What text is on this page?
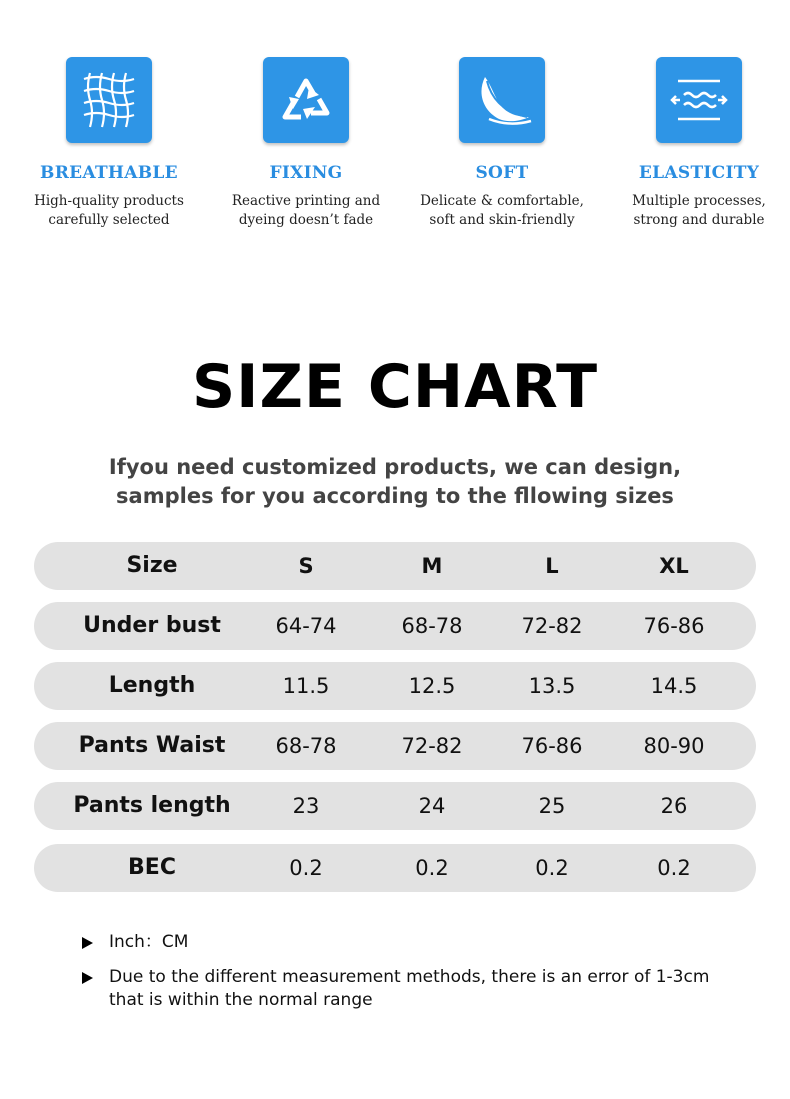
BREATHABLE
High-quality products
carefully selected
FIXING
Reactive printing and
dyeing doesn’t fade
SOFT
Delicate & comfortable,
soft and skin-friendly
ELASTICITY
Multiple processes,
strong and durable
SIZE CHART
Ifyou need customized products, we can design,
samples for you according to the fllowing sizes
Size	S	M	L	XL
Under bust	64-74	68-78	72-82	76-86
Length	11.5	12.5	13.5	14.5
Pants Waist	68-78	72-82	76-86	80-90
Pants length	23	24	25	26
BEC	0.2	0.2	0.2	0.2
Inch：CM
Due to the different measurement methods, there is an error of 1-3cm
that is within the normal range
